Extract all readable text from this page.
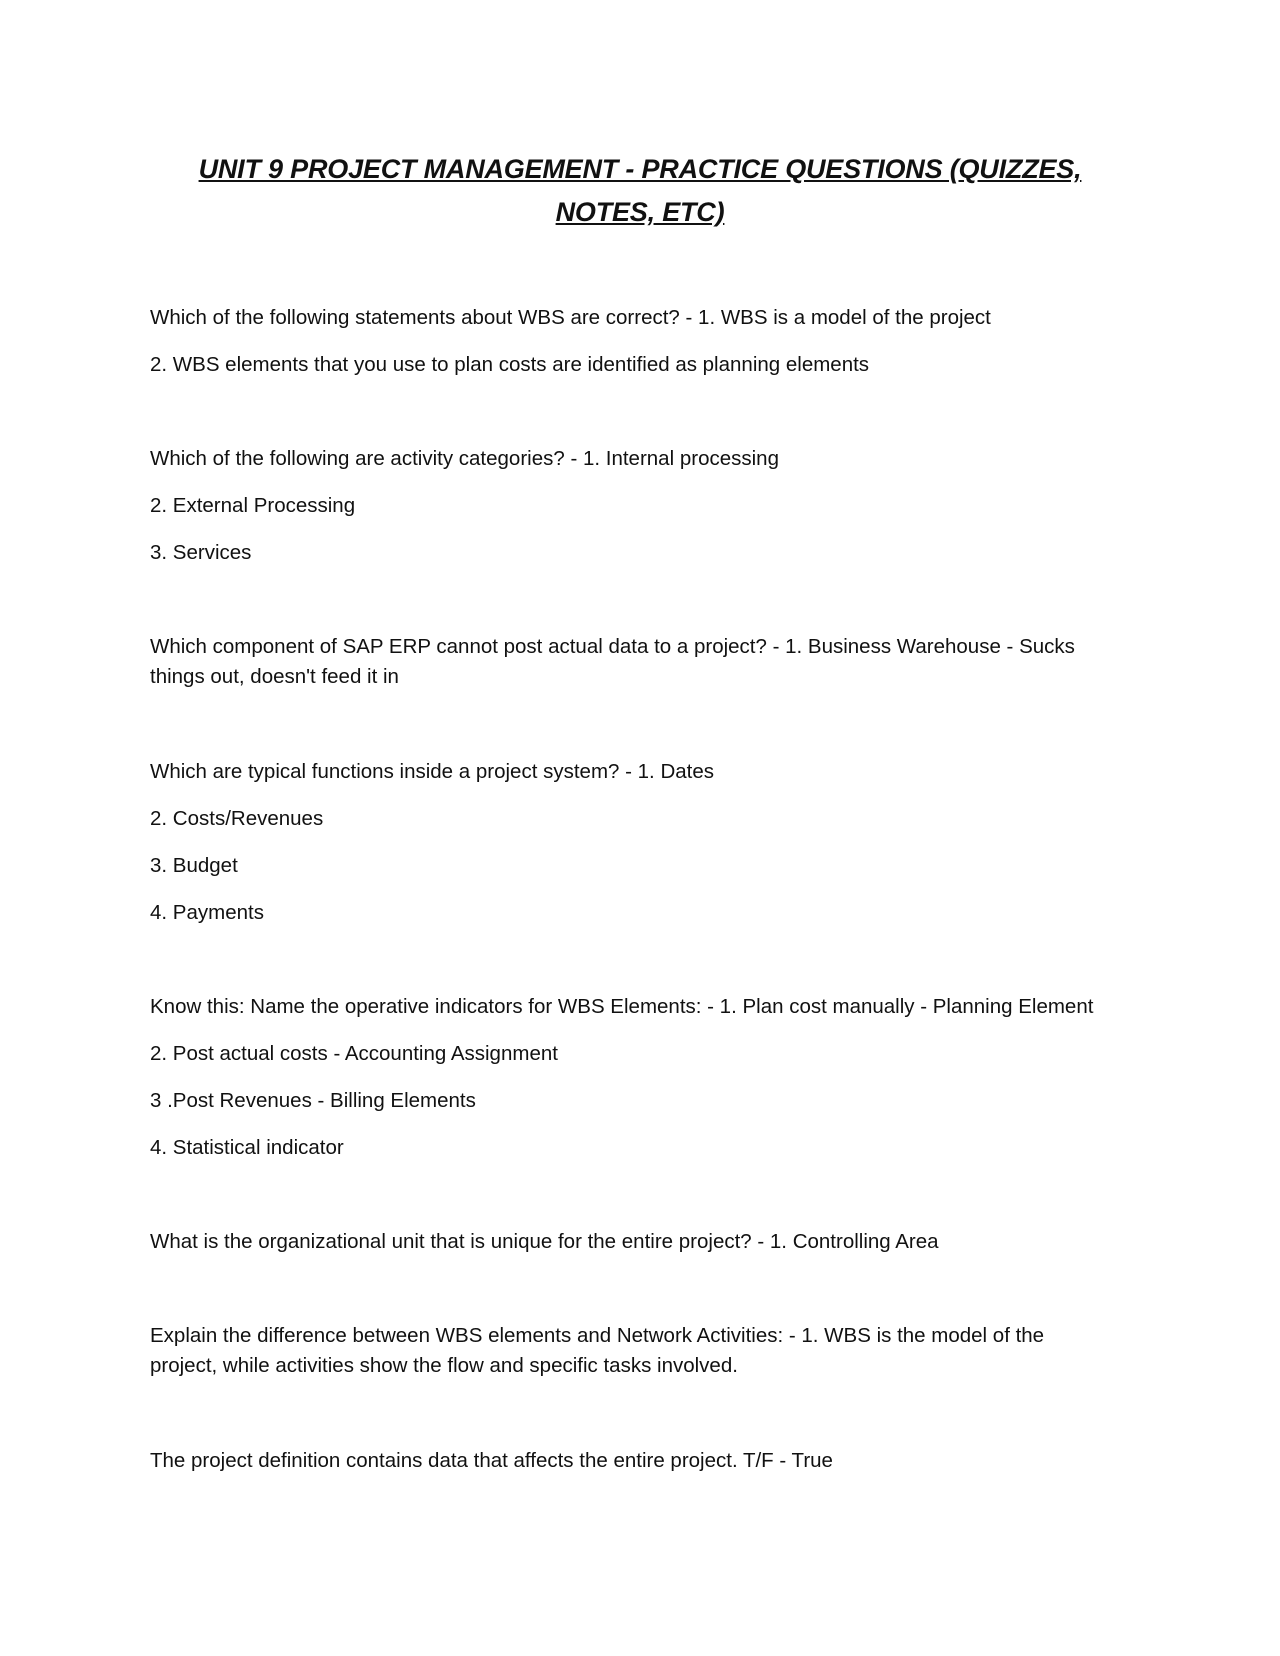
UNIT 9 PROJECT MANAGEMENT - PRACTICE QUESTIONS (QUIZZES, NOTES, ETC)

Which of the following statements about WBS are correct? - 1. WBS is a model of the project

2. WBS elements that you use to plan costs are identified as planning elements

Which of the following are activity categories? - 1. Internal processing

2. External Processing

3. Services

Which component of SAP ERP cannot post actual data to a project? - 1. Business Warehouse - Sucks things out, doesn't feed it in

Which are typical functions inside a project system? - 1. Dates

2. Costs/Revenues

3. Budget

4. Payments

Know this: Name the operative indicators for WBS Elements: - 1. Plan cost manually - Planning Element

2. Post actual costs - Accounting Assignment

3 .Post Revenues - Billing Elements

4. Statistical indicator

What is the organizational unit that is unique for the entire project? - 1. Controlling Area

Explain the difference between WBS elements and Network Activities: - 1. WBS is the model of the project, while activities show the flow and specific tasks involved.

The project definition contains data that affects the entire project. T/F - True
